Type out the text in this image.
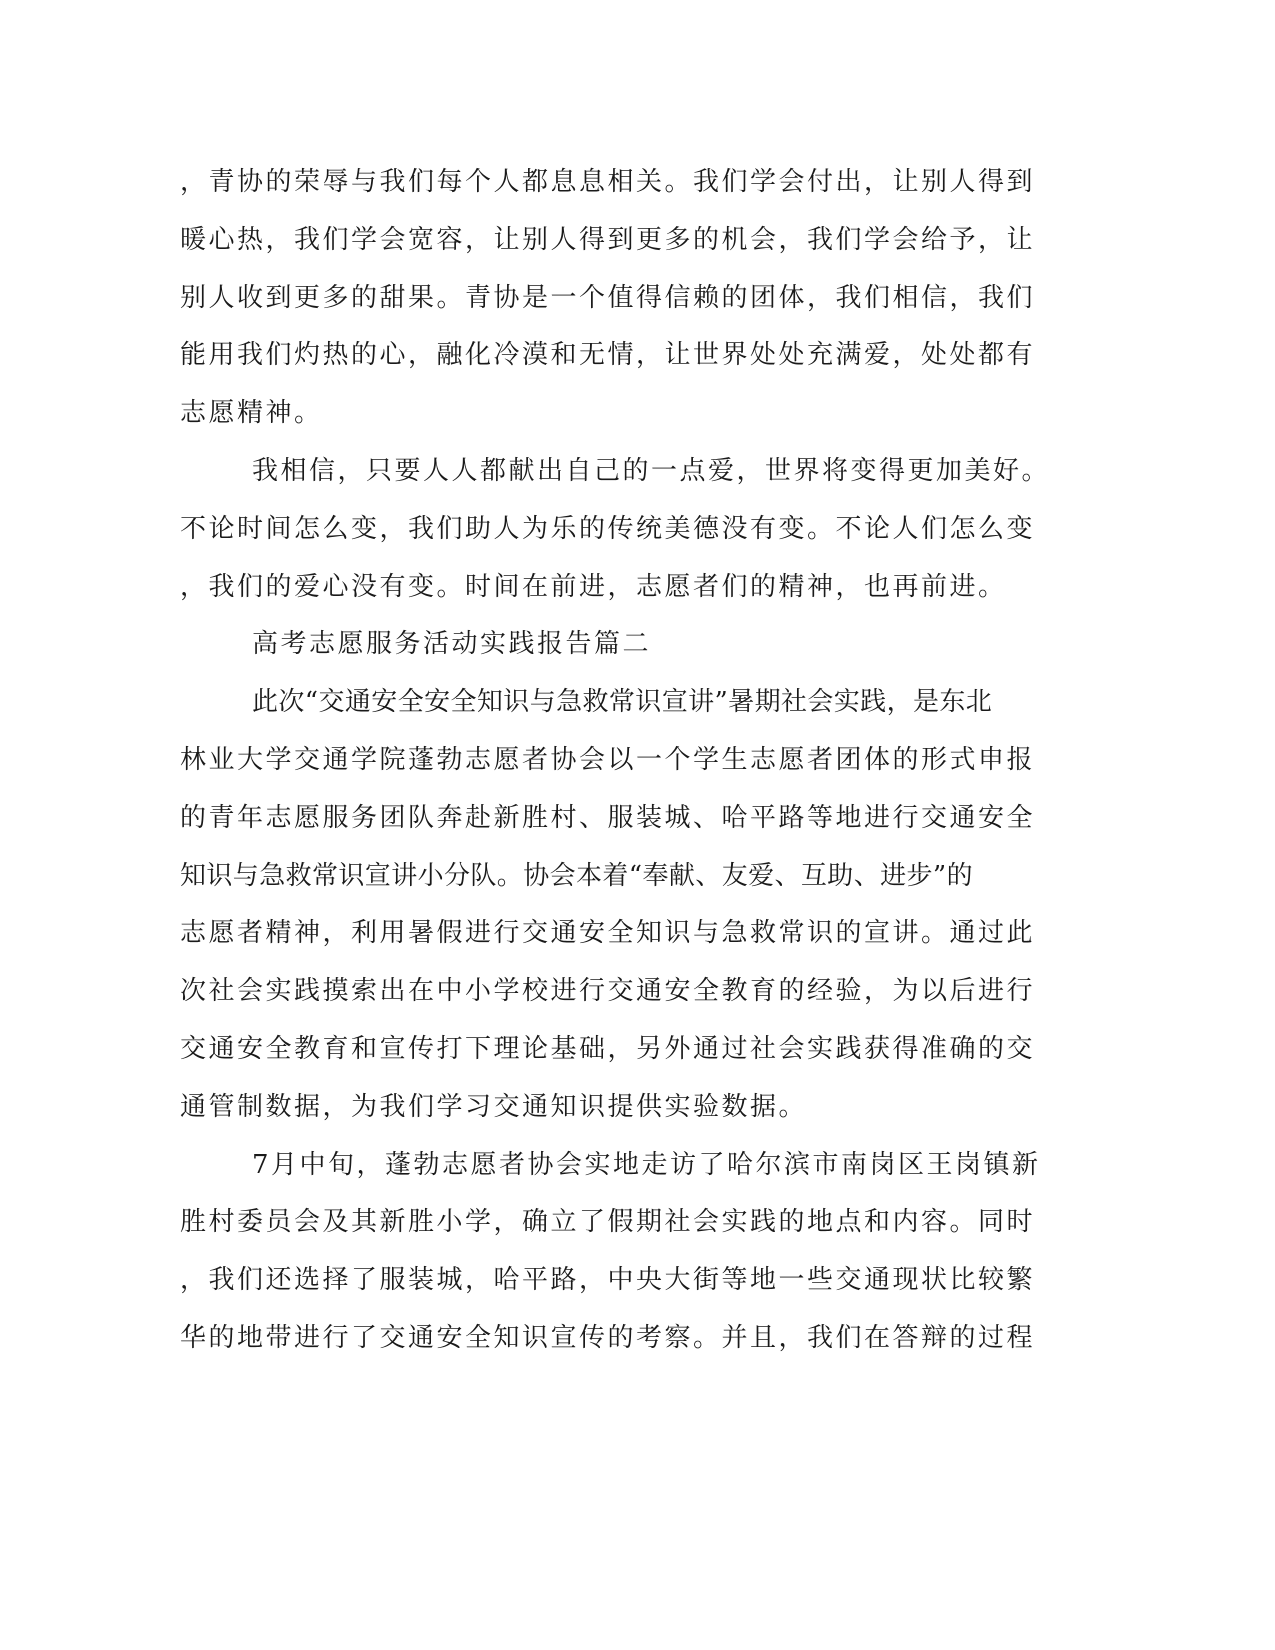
，青协的荣辱与我们每个人都息息相关。我们学会付出，让别人得到
暖心热，我们学会宽容，让别人得到更多的机会，我们学会给予，让
别人收到更多的甜果。青协是一个值得信赖的团体，我们相信，我们
能用我们灼热的心，融化冷漠和无情，让世界处处充满爱，处处都有
志愿精神。
我相信，只要人人都献出自己的一点爱，世界将变得更加美好。
不论时间怎么变，我们助人为乐的传统美德没有变。不论人们怎么变
，我们的爱心没有变。时间在前进，志愿者们的精神，也再前进。
高考志愿服务活动实践报告篇二
此次“交通安全安全知识与急救常识宣讲”暑期社会实践，是东北
林业大学交通学院蓬勃志愿者协会以一个学生志愿者团体的形式申报
的青年志愿服务团队奔赴新胜村、服装城、哈平路等地进行交通安全
知识与急救常识宣讲小分队。协会本着“奉献、友爱、互助、进步”的
志愿者精神，利用暑假进行交通安全知识与急救常识的宣讲。通过此
次社会实践摸索出在中小学校进行交通安全教育的经验，为以后进行
交通安全教育和宣传打下理论基础，另外通过社会实践获得准确的交
通管制数据，为我们学习交通知识提供实验数据。
7月中旬，蓬勃志愿者协会实地走访了哈尔滨市南岗区王岗镇新
胜村委员会及其新胜小学，确立了假期社会实践的地点和内容。同时
，我们还选择了服装城，哈平路，中央大街等地一些交通现状比较繁
华的地带进行了交通安全知识宣传的考察。并且，我们在答辩的过程
